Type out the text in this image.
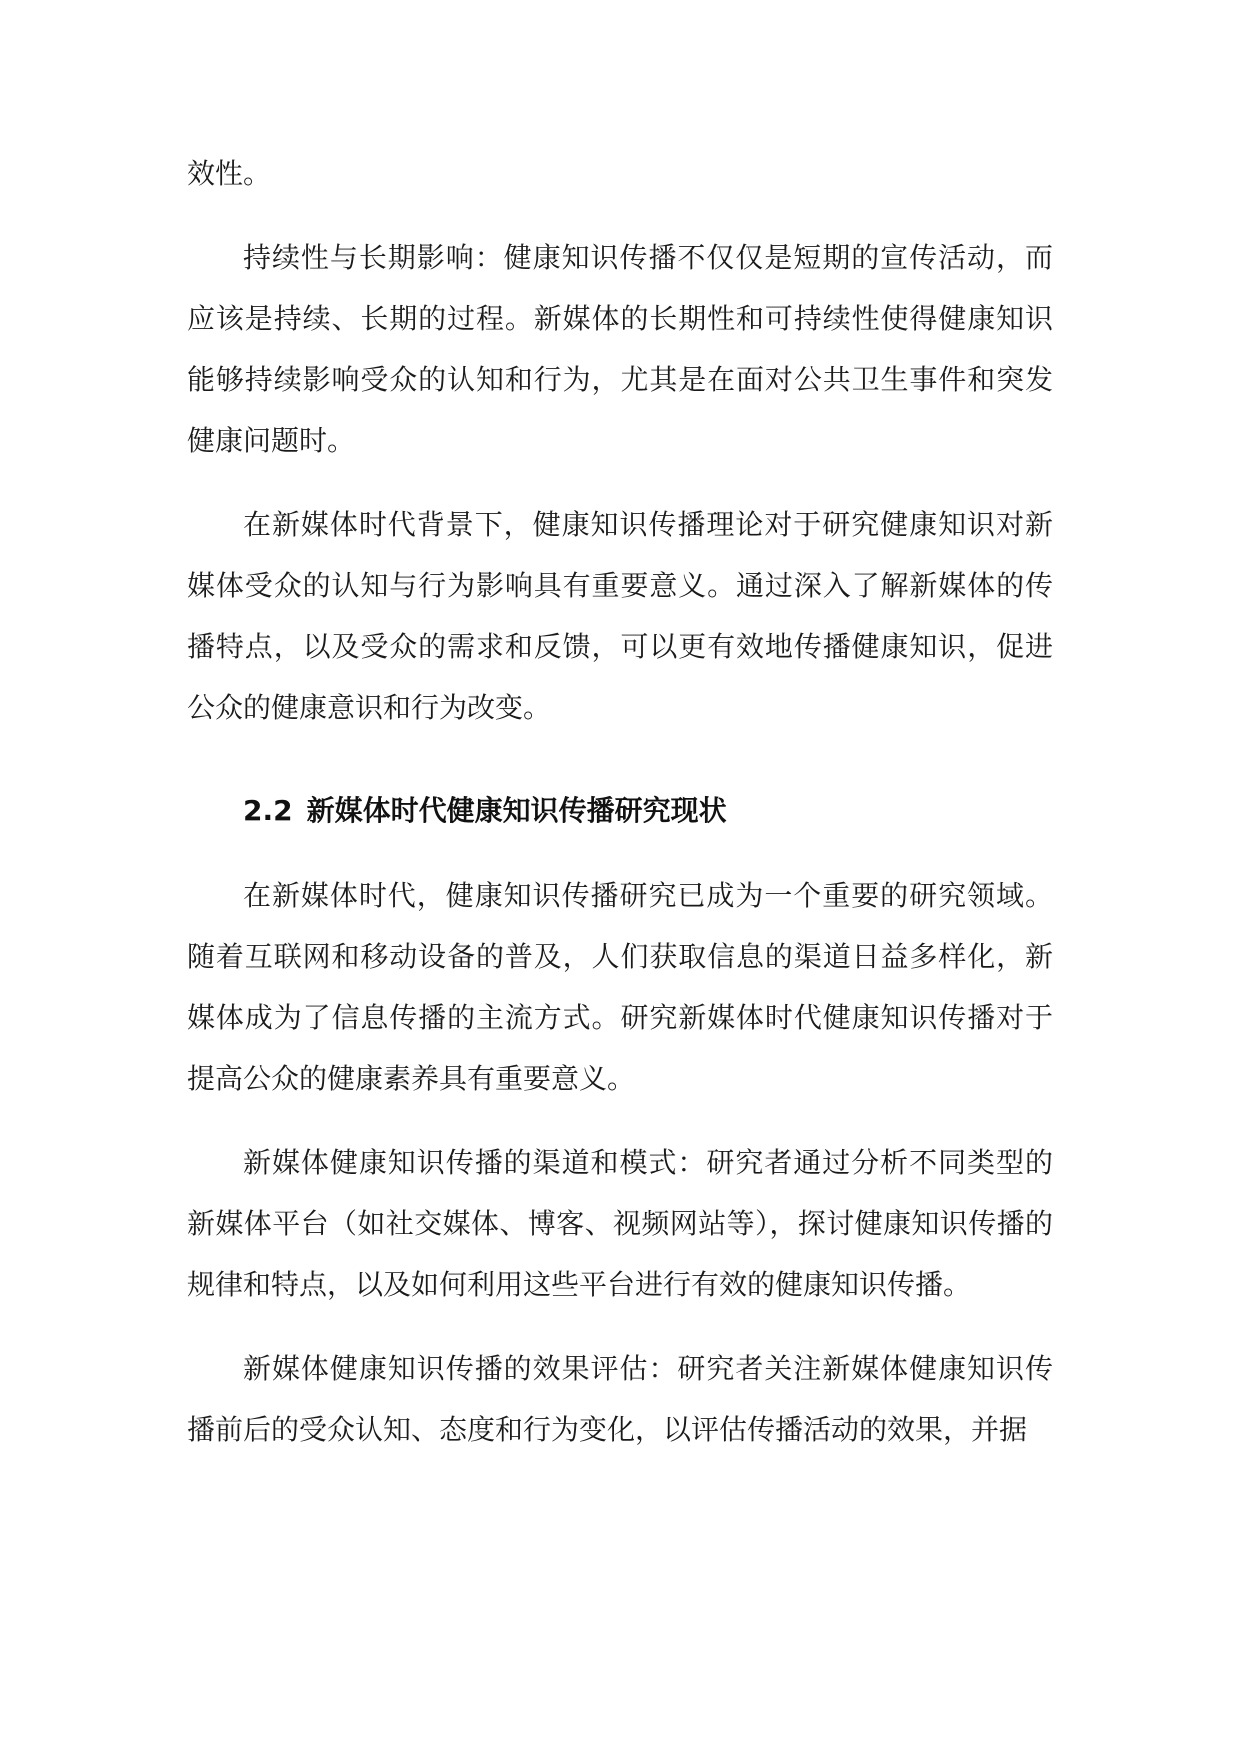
效性。

持续性与长期影响：健康知识传播不仅仅是短期的宣传活动，而应该是持续、长期的过程。新媒体的长期性和可持续性使得健康知识能够持续影响受众的认知和行为，尤其是在面对公共卫生事件和突发健康问题时。

在新媒体时代背景下，健康知识传播理论对于研究健康知识对新媒体受众的认知与行为影响具有重要意义。通过深入了解新媒体的传播特点，以及受众的需求和反馈，可以更有效地传播健康知识，促进公众的健康意识和行为改变。

2.2 新媒体时代健康知识传播研究现状

在新媒体时代，健康知识传播研究已成为一个重要的研究领域。随着互联网和移动设备的普及，人们获取信息的渠道日益多样化，新媒体成为了信息传播的主流方式。研究新媒体时代健康知识传播对于提高公众的健康素养具有重要意义。

新媒体健康知识传播的渠道和模式：研究者通过分析不同类型的新媒体平台（如社交媒体、博客、视频网站等），探讨健康知识传播的规律和特点，以及如何利用这些平台进行有效的健康知识传播。

新媒体健康知识传播的效果评估：研究者关注新媒体健康知识传播前后的受众认知、态度和行为变化，以评估传播活动的效果，并据
